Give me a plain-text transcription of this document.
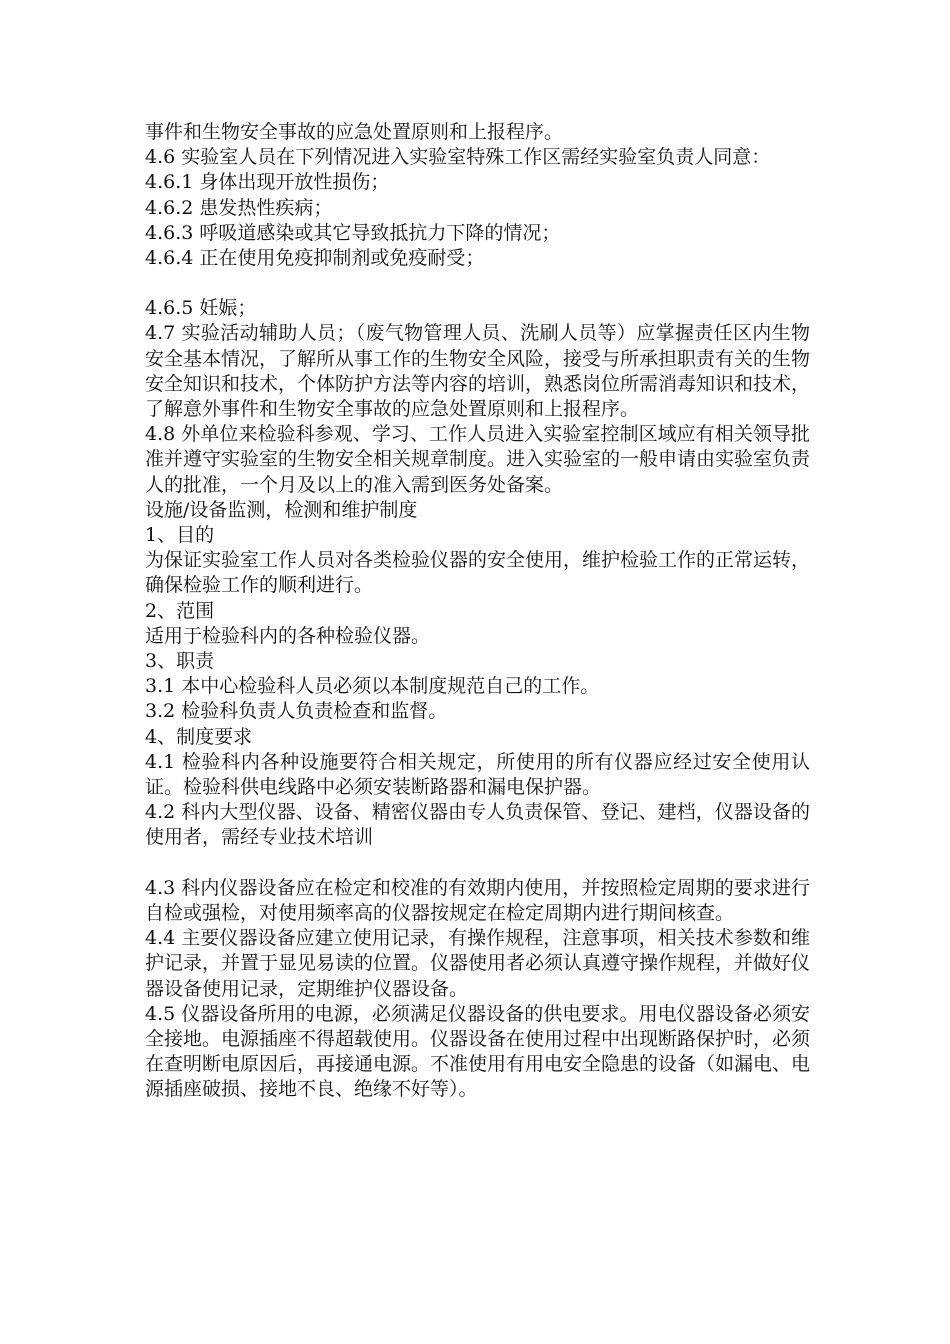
事件和生物安全事故的应急处置原则和上报程序。

4.6 实验室人员在下列情况进入实验室特殊工作区需经实验室负责人同意：

4.6.1 身体出现开放性损伤；

4.6.2 患发热性疾病；

4.6.3 呼吸道感染或其它导致抵抗力下降的情况；

4.6.4 正在使用免疫抑制剂或免疫耐受；

4.6.5 妊娠；

4.7 实验活动辅助人员；（废气物管理人员、洗刷人员等）应掌握责任区内生物安全基本情况，了解所从事工作的生物安全风险，接受与所承担职责有关的生物安全知识和技术，个体防护方法等内容的培训，熟悉岗位所需消毒知识和技术，了解意外事件和生物安全事故的应急处置原则和上报程序。

4.8 外单位来检验科参观、学习、工作人员进入实验室控制区域应有相关领导批准并遵守实验室的生物安全相关规章制度。进入实验室的一般申请由实验室负责人的批准，一个月及以上的准入需到医务处备案。

设施/设备监测，检测和维护制度

1、目的

为保证实验室工作人员对各类检验仪器的安全使用，维护检验工作的正常运转，确保检验工作的顺利进行。

2、范围

适用于检验科内的各种检验仪器。

3、职责

3.1 本中心检验科人员必须以本制度规范自己的工作。

3.2 检验科负责人负责检查和监督。

4、制度要求

4.1 检验科内各种设施要符合相关规定，所使用的所有仪器应经过安全使用认证。检验科供电线路中必须安装断路器和漏电保护器。

4.2 科内大型仪器、设备、精密仪器由专人负责保管、登记、建档，仪器设备的使用者，需经专业技术培训

4.3 科内仪器设备应在检定和校准的有效期内使用，并按照检定周期的要求进行自检或强检，对使用频率高的仪器按规定在检定周期内进行期间核查。

4.4 主要仪器设备应建立使用记录，有操作规程，注意事项，相关技术参数和维护记录，并置于显见易读的位置。仪器使用者必须认真遵守操作规程，并做好仪器设备使用记录，定期维护仪器设备。

4.5 仪器设备所用的电源，必须满足仪器设备的供电要求。用电仪器设备必须安全接地。电源插座不得超载使用。仪器设备在使用过程中出现断路保护时，必须在查明断电原因后，再接通电源。不准使用有用电安全隐患的设备（如漏电、电源插座破损、接地不良、绝缘不好等）。
